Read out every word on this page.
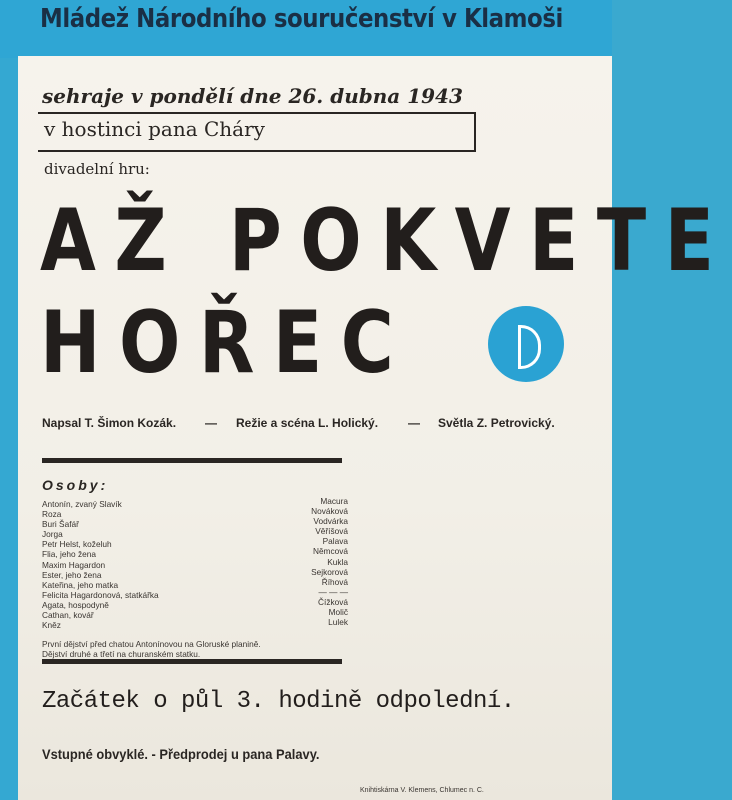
Mládež Národního souručenství v Klamoši
sehraje v pondělí dne 26. dubna 1943
v hostinci pana Cháry
divadelní hru:
AŽ POKVETE
HOŘEC
Napsal T. Šimon Kozák. — Režie a scéna L. Holický. — Světla Z. Petrovický.
Osoby:
Antonín, zvaný Slavík	Macura
Roza	Nováková
Buri Šafář	Vodvárka
Jorga	Věříšová
Petr Helst, koželuh	Palava
Flia, jeho žena	Němcová
Maxim Hagardon	Kukla
Ester, jeho žena	Sejkorová
Kateřina, jeho matka	Říhová
Felicita Hagardonová, statkářka	— — —
Agata, hospodyně	Čížková
Cathan, kovář	Molič
Kněz	Lulek
První dějství před chatou Antonínovou na Gloruské planině.
Dějství druhé a třetí na churanském statku.
Začátek o půl 3. hodině odpolední.
Vstupné obvyklé. - Předprodej u pana Palavy.
Knihtiskárna V. Klemens, Chlumec n. C.
